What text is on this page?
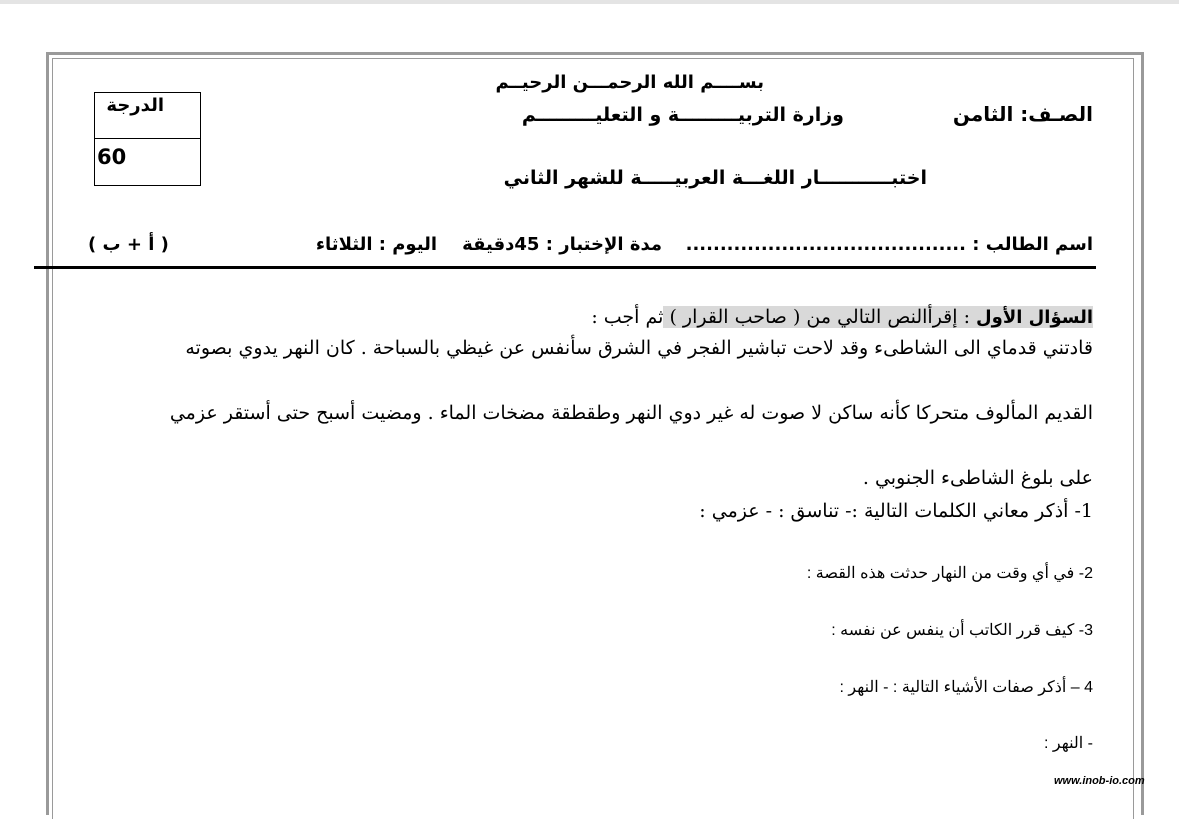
بســــم الله الرحمـــن الرحيــم
وزارة التربيـــــــــة و التعليـــــــــم	الصـف: الثامن
اختبـــــــــــار اللغـــة العربيـــــة للشهر الثاني
الدرجة
60
اسم الطالب : .........................................
مدة الإختبار : 45دقيقة
اليوم : الثلاثاء
( أ + ب )
السؤال الأول : إقرأالنص التالي من ( صاحب القرار ) ثم أجب :
قادتني قدماي الى الشاطىء وقد لاحت تباشير الفجر في الشرق سأنفس عن غيظي بالسباحة . كان النهر يدوي بصوته
القديم المألوف متحركا كأنه ساكن لا صوت له غير دوي النهر وطقطقة مضخات الماء . ومضيت أسبح حتى أستقر عزمي
على بلوغ الشاطىء الجنوبي .
1- أذكر معاني الكلمات التالية :- تناسق : - عزمي :
2- في أي وقت من النهار حدثت هذه القصة :
3- كيف قرر الكاتب أن ينفس عن نفسه :
4 – أذكر صفات الأشياء التالية : - النهر :
- النهر :
www.inob-io.com
